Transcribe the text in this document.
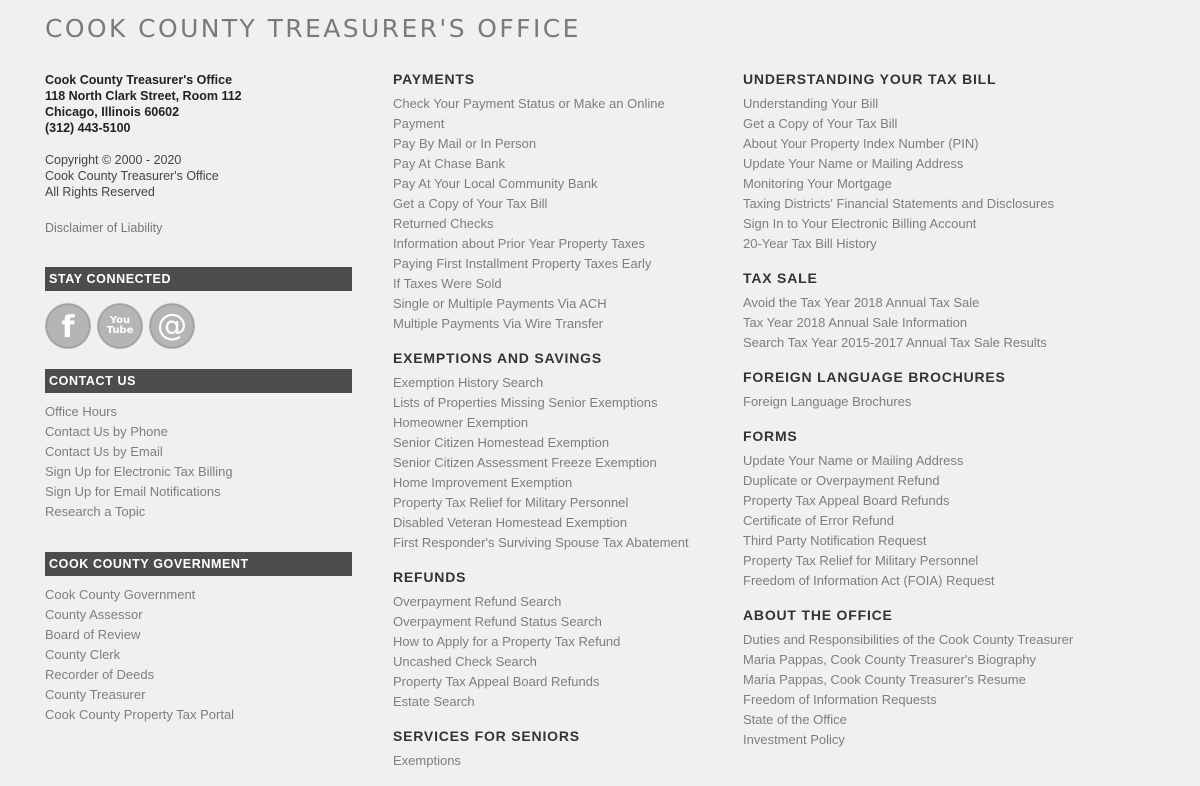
COOK COUNTY TREASURER'S OFFICE
Cook County Treasurer's Office
118 North Clark Street, Room 112
Chicago, Illinois 60602
(312) 443-5100
Copyright © 2000 - 2020
Cook County Treasurer's Office
All Rights Reserved
Disclaimer of Liability
STAY CONNECTED
f	You
Tube @
CONTACT US
Office Hours
Contact Us by Phone
Contact Us by Email
Sign Up for Electronic Tax Billing
Sign Up for Email Notifications
Research a Topic
COOK COUNTY GOVERNMENT
Cook County Government
County Assessor
Board of Review
County Clerk
Recorder of Deeds
County Treasurer
Cook County Property Tax Portal
PAYMENTS
Check Your Payment Status or Make an Online Payment
Pay By Mail or In Person
Pay At Chase Bank
Pay At Your Local Community Bank
Get a Copy of Your Tax Bill
Returned Checks
Information about Prior Year Property Taxes
Paying First Installment Property Taxes Early
If Taxes Were Sold
Single or Multiple Payments Via ACH
Multiple Payments Via Wire Transfer
EXEMPTIONS AND SAVINGS
Exemption History Search
Lists of Properties Missing Senior Exemptions
Homeowner Exemption
Senior Citizen Homestead Exemption
Senior Citizen Assessment Freeze Exemption
Home Improvement Exemption
Property Tax Relief for Military Personnel
Disabled Veteran Homestead Exemption
First Responder's Surviving Spouse Tax Abatement
REFUNDS
Overpayment Refund Search
Overpayment Refund Status Search
How to Apply for a Property Tax Refund
Uncashed Check Search
Property Tax Appeal Board Refunds
Estate Search
SERVICES FOR SENIORS
Exemptions
UNDERSTANDING YOUR TAX BILL
Understanding Your Bill
Get a Copy of Your Tax Bill
About Your Property Index Number (PIN)
Update Your Name or Mailing Address
Monitoring Your Mortgage
Taxing Districts' Financial Statements and Disclosures
Sign In to Your Electronic Billing Account
20-Year Tax Bill History
TAX SALE
Avoid the Tax Year 2018 Annual Tax Sale
Tax Year 2018 Annual Sale Information
Search Tax Year 2015-2017 Annual Tax Sale Results
FOREIGN LANGUAGE BROCHURES
Foreign Language Brochures
FORMS
Update Your Name or Mailing Address
Duplicate or Overpayment Refund
Property Tax Appeal Board Refunds
Certificate of Error Refund
Third Party Notification Request
Property Tax Relief for Military Personnel
Freedom of Information Act (FOIA) Request
ABOUT THE OFFICE
Duties and Responsibilities of the Cook County Treasurer
Maria Pappas, Cook County Treasurer's Biography
Maria Pappas, Cook County Treasurer's Resume
Freedom of Information Requests
State of the Office
Investment Policy
